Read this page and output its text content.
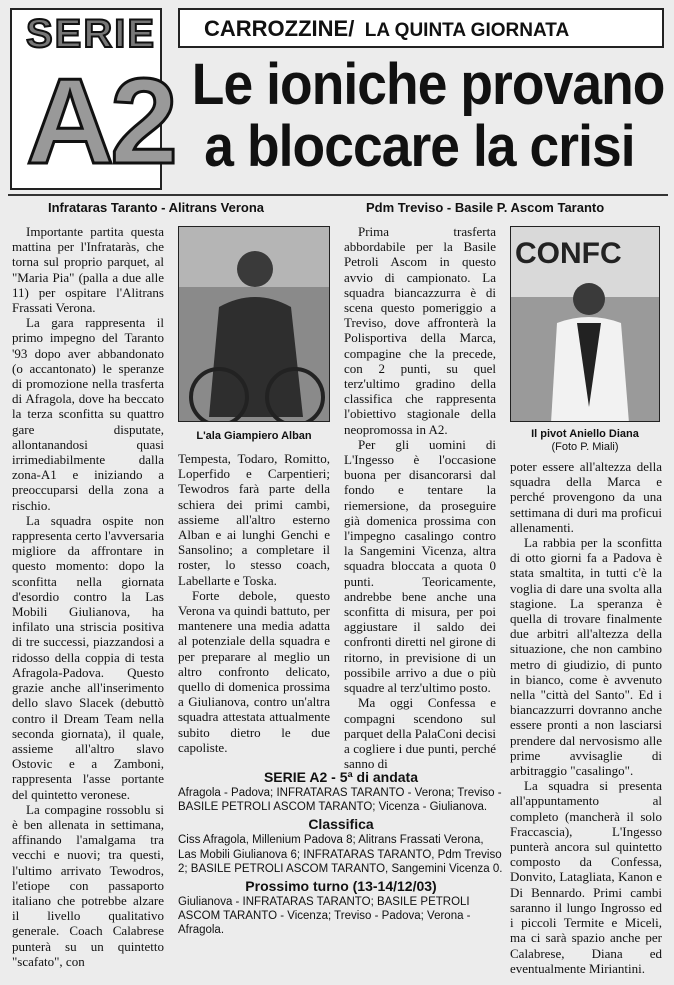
SERIE
A2
CARROZZINE/ LA QUINTA GIORNATA
Le ioniche provano
a bloccare la crisi
Infrataras Taranto - Alitrans Verona

Importante partita questa mattina per l'Infrataràs, che torna sul proprio parquet, al "Maria Pia" (palla a due alle 11) per ospitare l'Alitrans Frassati Verona.

La gara rappresenta il primo impegno del Taranto '93 dopo aver abbandonato (o accantonato) le speranze di promozione nella trasferta di Afragola, dove ha beccato la terza sconfitta su quattro gare disputate, allontanandosi quasi irrimediabilmente dalla zona-A1 e iniziando a preoccuparsi della zona a rischio.

La squadra ospite non rappresenta certo l'avversaria migliore da affrontare in questo momento: dopo la sconfitta nella giornata d'esordio contro la Las Mobili Giulianova, ha infilato una striscia positiva di tre successi, piazzandosi a ridosso della coppia di testa Afragola-Padova. Questo grazie anche all'inserimento dello slavo Slacek (debuttò contro il Dream Team nella seconda giornata), il quale, assieme all'altro slavo Ostovic e a Zamboni, rappresenta l'asse portante del quintetto veronese.

La compagine rossoblu si è ben allenata in settimana, affinando l'amalgama tra vecchi e nuovi; tra questi, l'ultimo arrivato Tewodros, l'etiope con passaporto italiano che potrebbe alzare il livello qualitativo generale. Coach Calabrese punterà su un quintetto "scafato", con

L'ala Giampiero Alban

Tempesta, Todaro, Romitto, Loperfido e Carpentieri; Tewodros farà parte della schiera dei primi cambi, assieme all'altro esterno Alban e ai lunghi Genchi e Sansolino; a completare il roster, lo stesso coach, Labellarte e Toska.

Forte debole, questo Verona va quindi battuto, per mantenere una media adatta al potenziale della squadra e per preparare al meglio un altro confronto delicato, quello di domenica prossima a Giulianova, contro un'altra squadra attestata attualmente subito dietro le due capoliste.

Pdm Treviso - Basile P. Ascom Taranto

Prima trasferta abbordabile per la Basile Petroli Ascom in questo avvio di campionato. La squadra biancazzurra è di scena questo pomeriggio a Treviso, dove affronterà la Polisportiva della Marca, compagine che la precede, con 2 punti, su quel terz'ultimo gradino della classifica che rappresenta l'obiettivo stagionale della neopromossa in A2.

Per gli uomini di L'Ingesso è l'occasione buona per disancorarsi dal fondo e tentare la riemersione, da proseguire già domenica prossima con l'impegno casalingo contro la Sangemini Vicenza, altra squadra bloccata a quota 0 punti. Teoricamente, andrebbe bene anche una sconfitta di misura, per poi aggiustare il saldo dei confronti diretti nel girone di ritorno, in previsione di un possibile arrivo a due o più squadre al terz'ultimo posto.

Ma oggi Confessa e compagni scendono sul parquet della PalaConi decisi a cogliere i due punti, perché sanno di

CONFC
Il pivot Aniello Diana
(Foto P. Miali)

poter essere all'altezza della squadra della Marca e perché provengono da una settimana di duri ma proficui allenamenti.

La rabbia per la sconfitta di otto giorni fa a Padova è stata smaltita, in tutti c'è la voglia di dare una svolta alla stagione. La speranza è quella di trovare finalmente due arbitri all'altezza della situazione, che non cambino metro di giudizio, di punto in bianco, come è avvenuto nella "città del Santo". Ed i biancazzurri dovranno anche essere pronti a non lasciarsi prendere dal nervosismo alle prime avvisaglie di arbitraggio "casalingo".

La squadra si presenta all'appuntamento al completo (mancherà il solo Fraccascia), L'Ingesso punterà ancora sul quintetto composto da Confessa, Donvito, Latagliata, Kanon e Di Bennardo. Primi cambi saranno il lungo Ingrosso ed i piccoli Termite e Miceli, ma ci sarà spazio anche per Calabrese, Diana ed eventualmente Miriantini.

SERIE A2 - 5ª di andata

Afragola - Padova; INFRATARAS TARANTO - Verona; Treviso - BASILE PETROLI ASCOM TARANTO; Vicenza - Giulianova.

Classifica

Ciss Afragola, Millenium Padova 8; Alitrans Frassati Verona, Las Mobili Giulianova 6; INFRATARAS TARANTO, Pdm Treviso 2; BASILE PETROLI ASCOM TARANTO, Sangemini Vicenza 0.

Prossimo turno (13-14/12/03)

Giulianova - INFRATARAS TARANTO; BASILE PETROLI ASCOM TARANTO - Vicenza; Treviso - Padova; Verona - Afragola.
